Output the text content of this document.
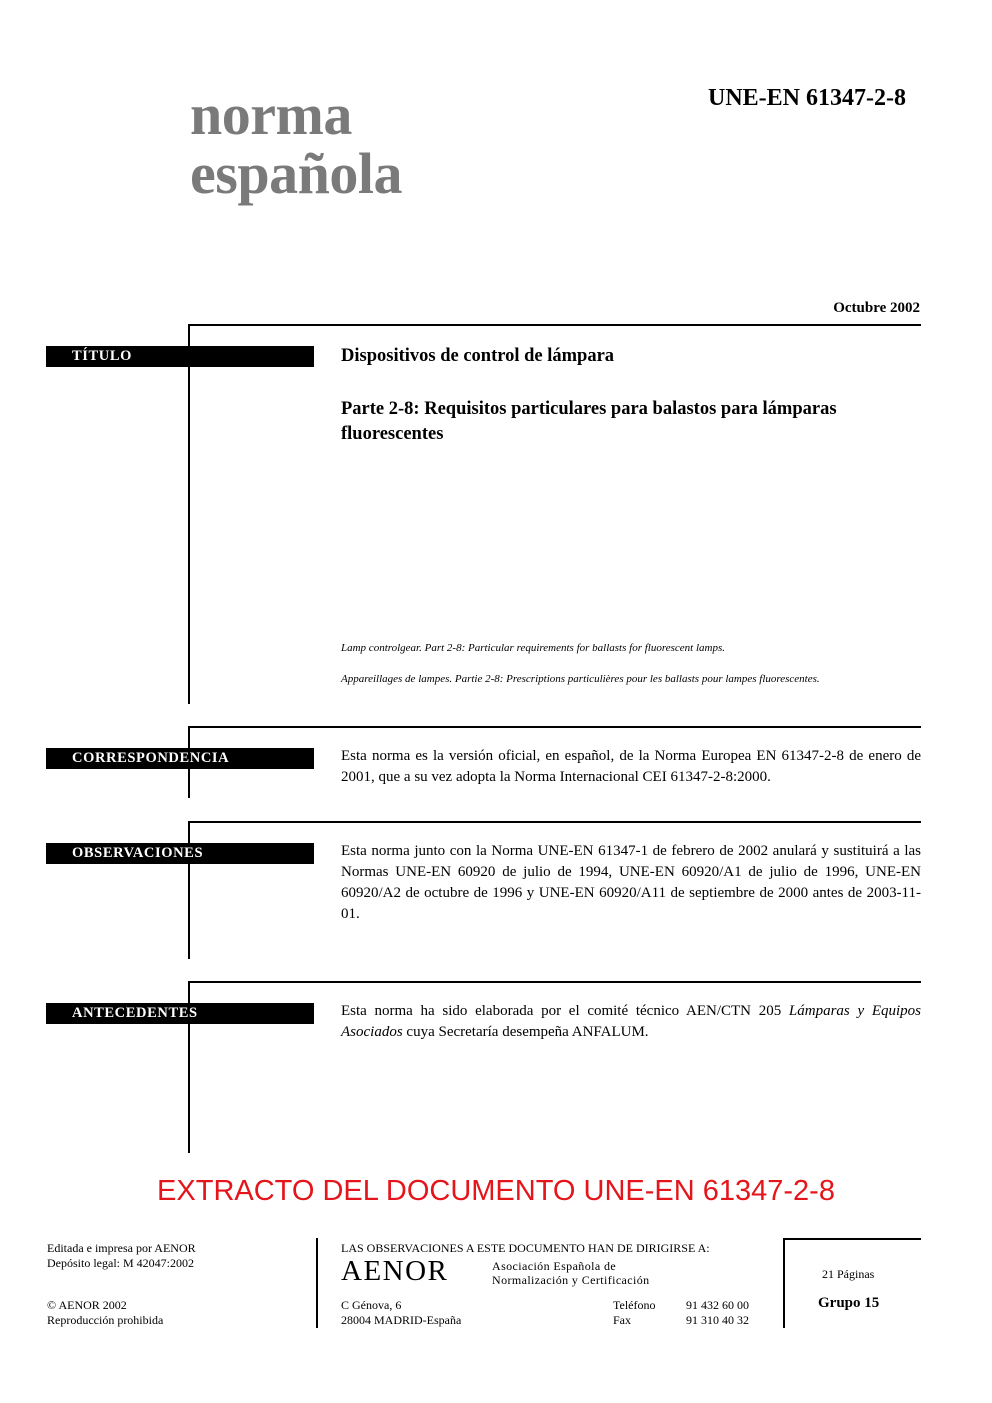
norma
española
UNE-EN 61347-2-8
Octubre 2002
TÍTULO	Dispositivos de control de lámpara
Parte 2-8: Requisitos particulares para balastos para lámparas fluorescentes
Lamp controlgear. Part 2-8: Particular requirements for ballasts for fluorescent lamps.
Appareillages de lampes. Partie 2-8: Prescriptions particulières pour les ballasts pour lampes fluorescentes.
CORRESPONDENCIA	Esta norma es la versión oficial, en español, de la Norma Europea EN 61347-2-8 de enero de 2001, que a su vez adopta la Norma Internacional CEI 61347-2-8:2000.
OBSERVACIONES	Esta norma junto con la Norma UNE-EN 61347-1 de febrero de 2002 anulará y sustituirá a las Normas UNE-EN 60920 de julio de 1994, UNE-EN 60920/A1 de julio de 1996, UNE-EN 60920/A2 de octubre de 1996 y UNE-EN 60920/A11 de septiembre de 2000 antes de 2003-11-01.
ANTECEDENTES	Esta norma ha sido elaborada por el comité técnico AEN/CTN 205 Lámparas y Equipos Asociados cuya Secretaría desempeña ANFALUM.
EXTRACTO DEL DOCUMENTO UNE-EN 61347-2-8
Editada e impresa por AENOR
Depósito legal: M 42047:2002
© AENOR 2002
Reproducción prohibida
LAS OBSERVACIONES A ESTE DOCUMENTO HAN DE DIRIGIRSE A:
AENOR	Asociación Española de
Normalización y Certificación
C Génova, 6
28004 MADRID-España
Teléfono	91 432 60 00
Fax	91 310 40 32
21 Páginas
Grupo 15
